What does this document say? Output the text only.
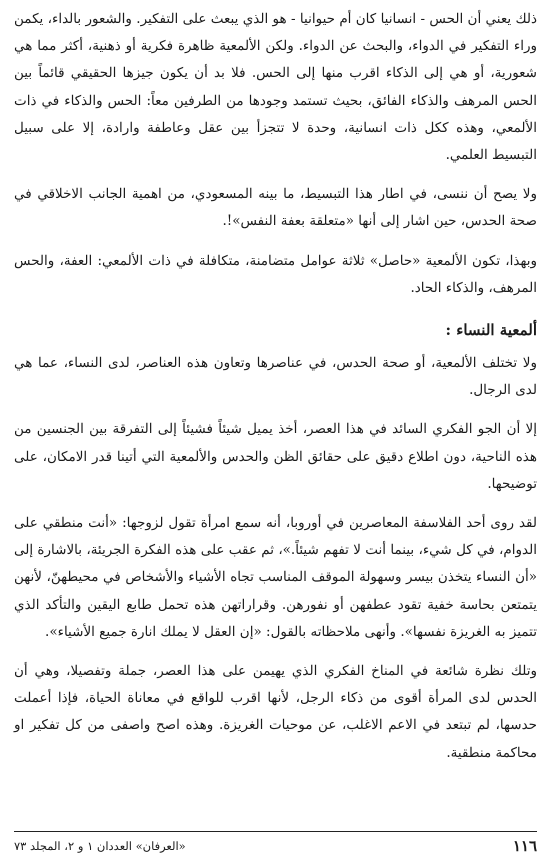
ذلك يعني أن الحس - انسانيا كان أم حيوانيا - هو الذي يبعث على التفكير. والشعور بالداء، يكمن وراء التفكير في الدواء، والبحث عن الدواء. ولكن الألمعية ظاهرة فكرية أو ذهنية، أكثر مما هي شعورية، أو هي إلى الذكاء اقرب منها إلى الحس. فلا بد أن يكون جيزها الحقيقي قائماً بين الحس المرهف والذكاء الفائق، بحيث تستمد وجودها من الطرفين معاً: الحس والذكاء في ذات الألمعي، وهذه ككل ذات انسانية، وحدة لا تتجزأ بين عقل وعاطفة وارادة، إلا على سبيل التبسيط العلمي.

ولا يصح أن ننسى، في اطار هذا التبسيط، ما بينه المسعودي، من اهمية الجانب الاخلاقي في صحة الحدس، حين اشار إلى أنها «متعلقة بعفة النفس»!.

وبهذا، تكون الألمعية «حاصل» ثلاثة عوامل متضامنة، متكافلة في ذات الألمعي: العفة، والحس المرهف، والذكاء الحاد.

ألمعية النساء :

ولا تختلف الألمعية، أو صحة الحدس، في عناصرها وتعاون هذه العناصر، لدى النساء، عما هي لدى الرجال.

إلا أن الجو الفكري السائد في هذا العصر، أخذ يميل شيئاً فشيئاً إلى التفرقة بين الجنسين من هذه الناحية، دون اطلاع دقيق على حقائق الظن والحدس والألمعية التي أتينا قدر الامكان، على توضيحها.

لقد روى أحد الفلاسفة المعاصرين في أوروبا، أنه سمع امرأة تقول لزوجها: «أنت منطقي على الدوام، في كل شيء، بينما أنت لا تفهم شيئاً.»، ثم عقب على هذه الفكرة الجريئة، بالاشارة إلى «أن النساء يتخذن بيسر وسهولة الموقف المناسب تجاه الأشياء والأشخاص في محيطهنّ، لأنهن يتمتعن بحاسة خفية تقود عطفهن أو نفورهن. وقراراتهن هذه تحمل طابع اليقين والتأكد الذي تتميز به الغريزة نفسها». وأنهى ملاحظاته بالقول: «إن العقل لا يملك انارة جميع الأشياء».

وتلك نظرة شائعة في المناخ الفكري الذي يهيمن على هذا العصر، جملة وتفصيلا، وهي أن الحدس لدى المرأة أقوى من ذكاء الرجل، لأنها اقرب للواقع في معاناة الحياة، فإذا أعملت حدسها، لم تبتعد في الاعم الاغلب، عن موحيات الغريزة. وهذه اصح واصفى من كل تفكير او محاكمة منطقية.

١١٦
«العرفان» العددان ١ و ٢، المجلد ٧٣
